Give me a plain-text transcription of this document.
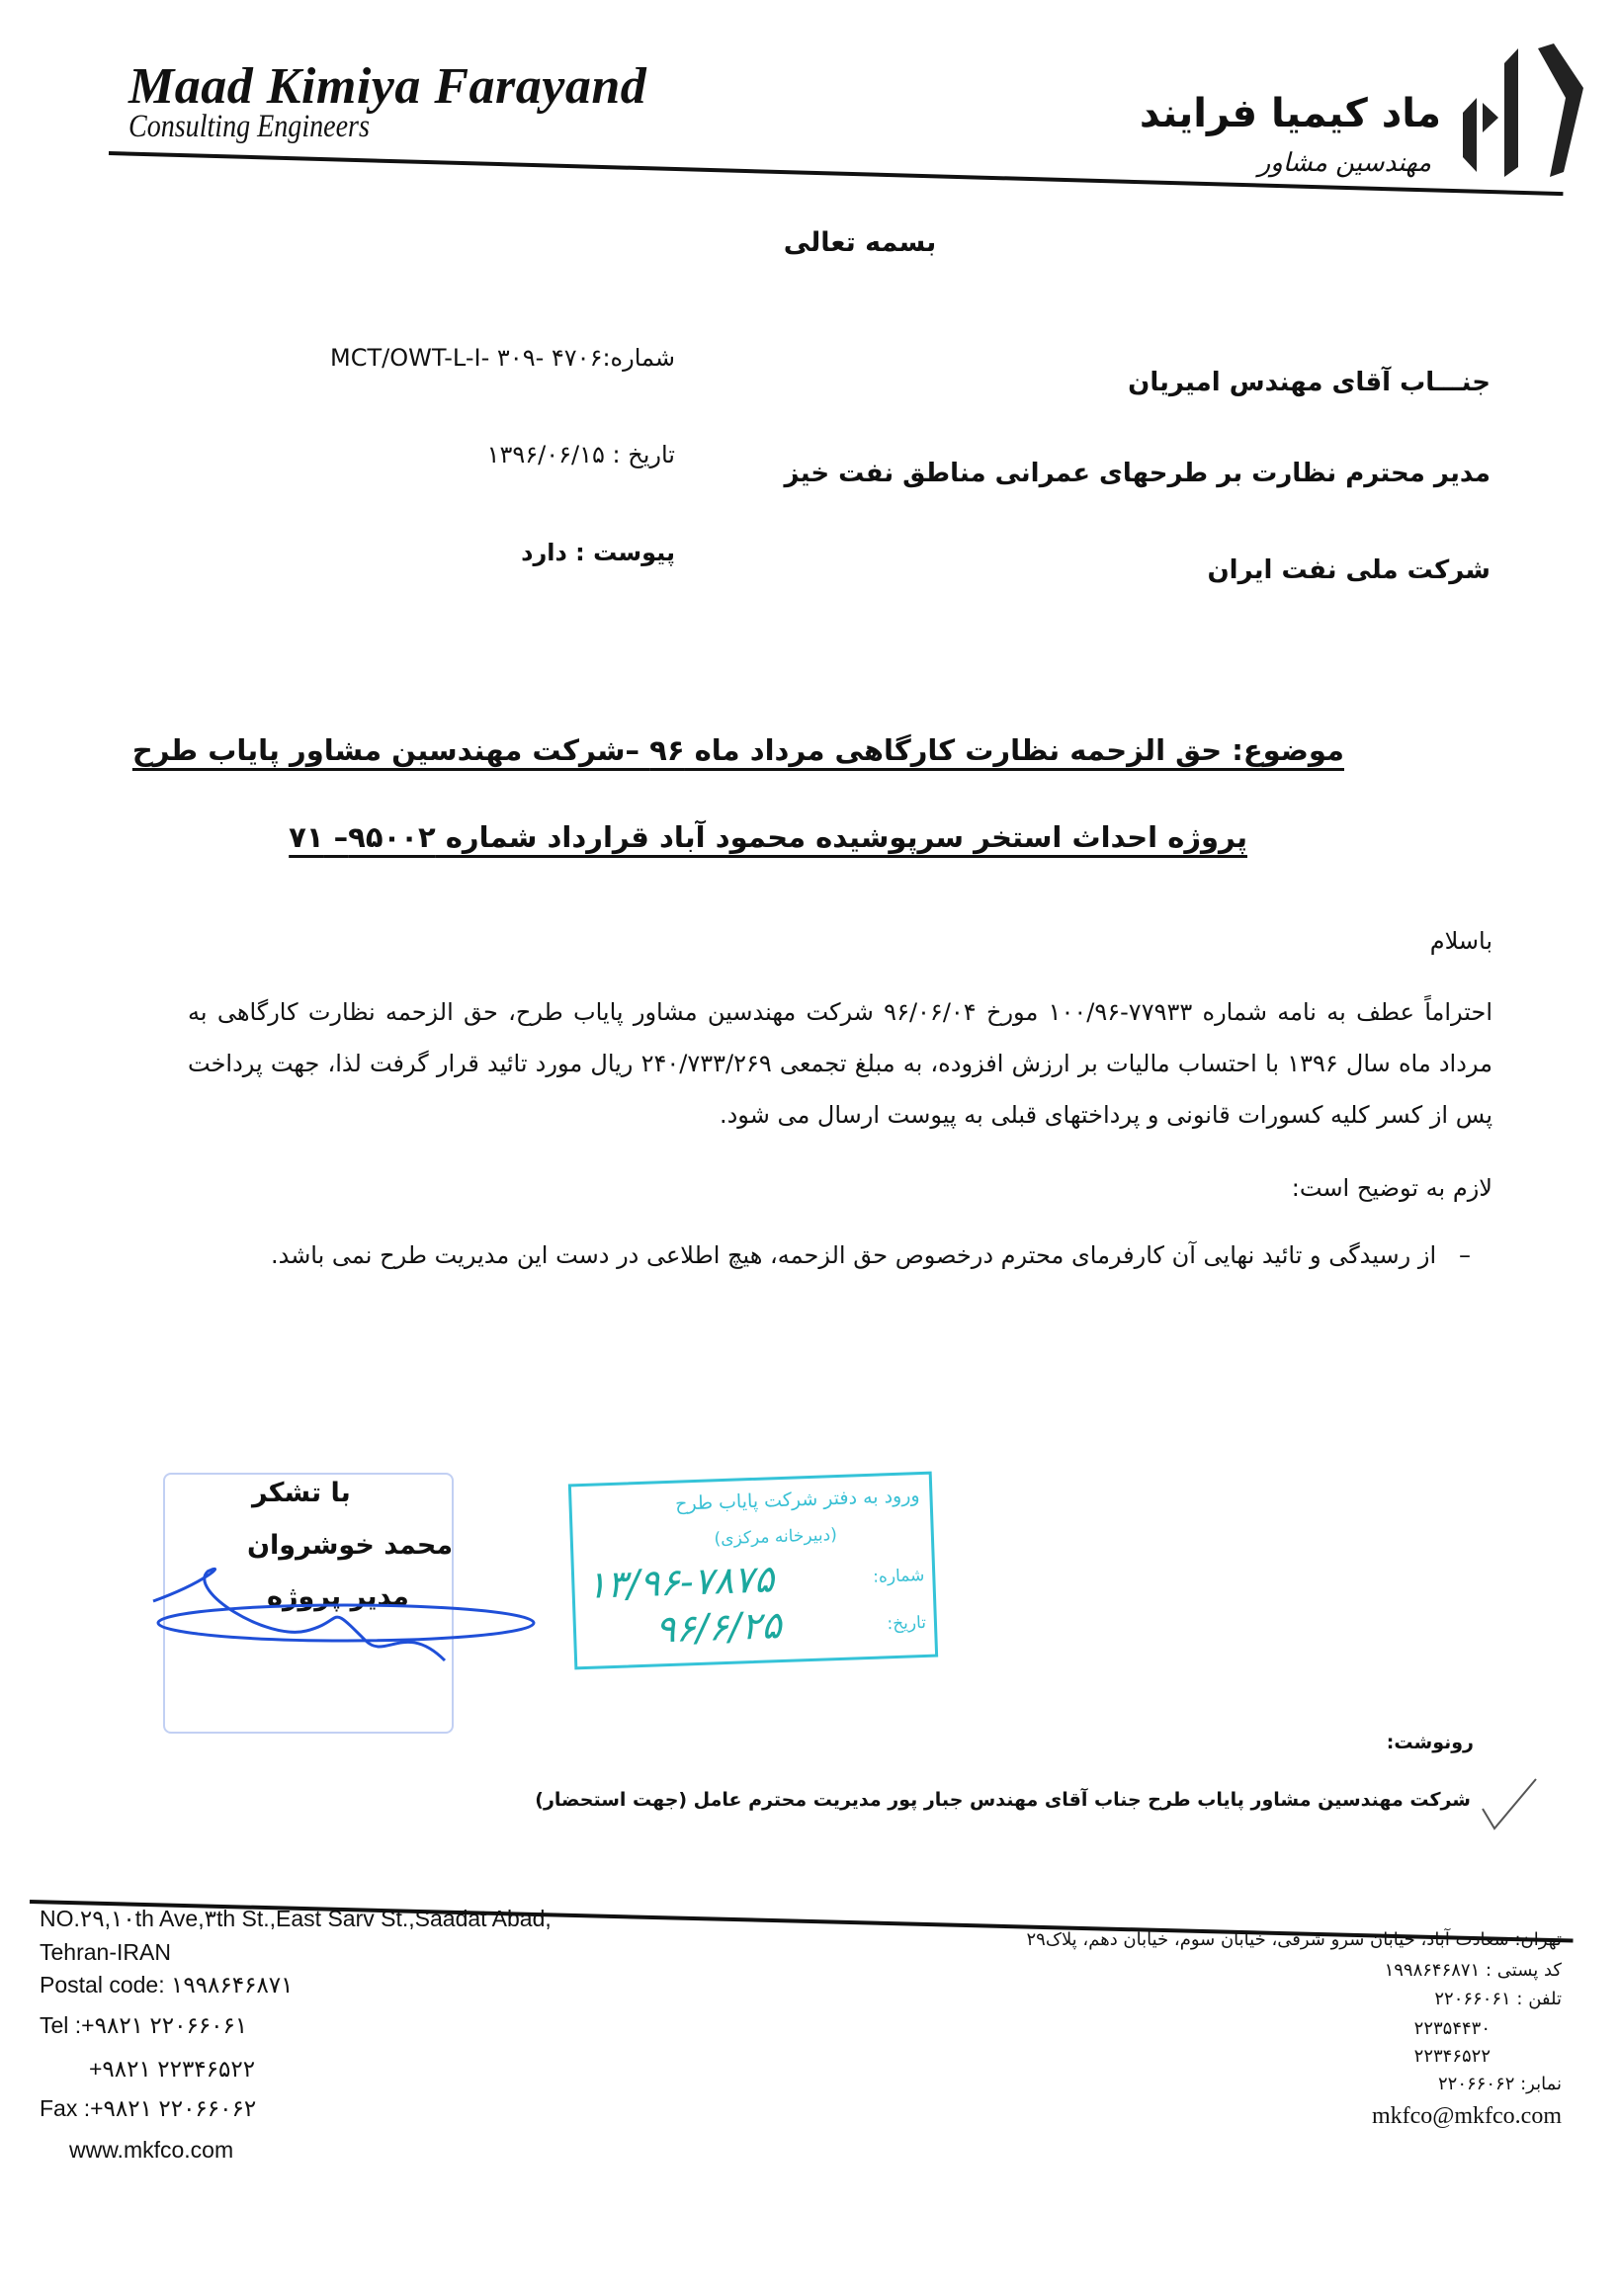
Maad Kimiya Farayand
Consulting Engineers	ماد کیمیا فرایند
مهندسین مشاور
بسمه تعالی
شماره:۴۷۰۶ -MCT/OWT-L-I- ۳۰۹
تاریخ : ۱۳۹۶/۰۶/۱۵
پیوست : دارد
جنـــاب آقای مهندس امیریان
مدیر محترم نظارت بر طرحهای عمرانی مناطق نفت خیز
شرکت ملی نفت ایران
موضوع: حق الزحمه نظارت کارگاهی مرداد ماه ۹۶ –شرکت مهندسین مشاور پایاب طرح
پروژه احداث استخر سرپوشیده محمود آباد قرارداد شماره ۹۵۰۰۲– ۷۱
باسلام
احتراماً عطف به نامه شماره ۷۷۹۳۳-۱۰۰/۹۶ مورخ ۹۶/۰۶/۰۴ شرکت مهندسین مشاور پایاب طرح، حق الزحمه نظارت کارگاهی به مرداد ماه سال ۱۳۹۶ با احتساب مالیات بر ارزش افزوده، به مبلغ تجمعی ۲۴۰/۷۳۳/۲۶۹ ریال مورد تائید قرار گرفت لذا، جهت پرداخت پس از کسر کلیه کسورات قانونی و پرداختهای قبلی به پیوست ارسال می شود.
لازم به توضیح است:
–   از رسیدگی و تائید نهایی آن کارفرمای محترم درخصوص حق الزحمه، هیچ اطلاعی در دست این مدیریت طرح نمی باشد.
با تشکر
محمد خوشروان
مدیر پروژه
ورود به دفتر شرکت پایاب طرح
(دبیرخانه مرکزی)
شماره:
۱۳/۹۶-۷۸۷۵
تاریخ:
۹۶/۶/۲۵
رونوشت:
شرکت مهندسین مشاور پایاب طرح جناب آقای مهندس جبار پور مدیریت محترم عامل (جهت استحضار)
NO.۲۹,۱۰th Ave,۳th St.,East Sarv St.,Saadat Abad,
Tehran-IRAN
Postal code: ۱۹۹۸۶۴۶۸۷۱
Tel :+۹۸۲۱ ۲۲۰۶۶۰۶۱
+۹۸۲۱ ۲۲۳۴۶۵۲۲
Fax :+۹۸۲۱ ۲۲۰۶۶۰۶۲
www.mkfco.com
تهران: سعادت آباد، خیابان سرو شرقی، خیابان سوم، خیابان دهم، پلاک۲۹
کد پستی : ۱۹۹۸۶۴۶۸۷۱
تلفن : ۲۲۰۶۶۰۶۱
۲۲۳۵۴۴۳۰
۲۲۳۴۶۵۲۲
نمابر: ۲۲۰۶۶۰۶۲
mkfco@mkfco.com
